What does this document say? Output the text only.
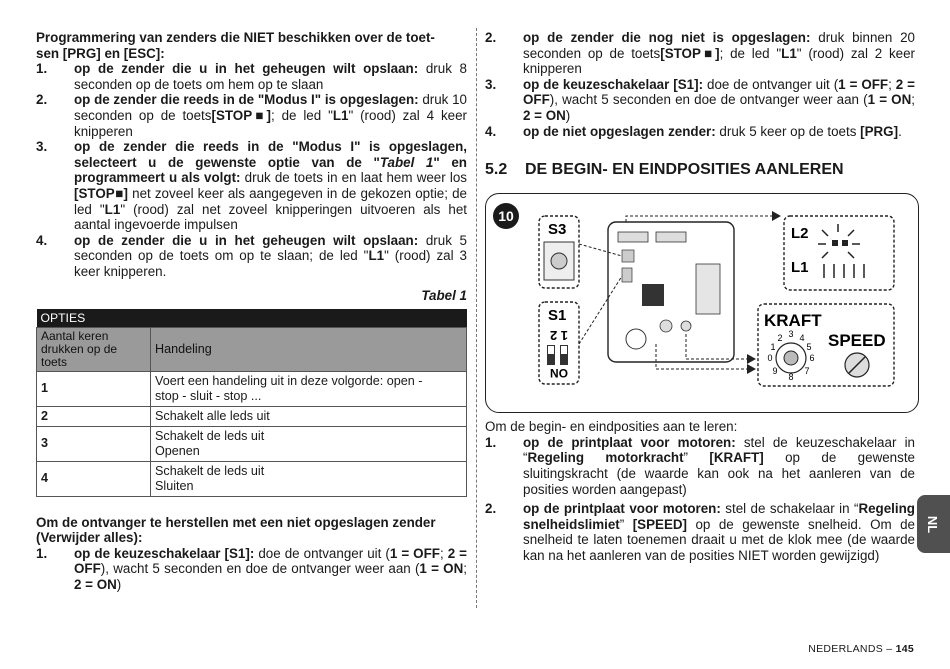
Programmering van zenders die NIET beschikken over de toet-
sen [PRG] en [ESC]:

1. op de zender die u in het geheugen wilt opslaan: druk 8 seconden op de toets om hem op te slaan
2. op de zender die reeds in de "Modus I" is opgeslagen: druk 10 seconden op de toets[STOP■]; de led "L1" (rood) zal 4 keer knipperen
3. op de zender die reeds in de "Modus I" is opgeslagen, selecteert u de gewenste optie van de "Tabel 1" en programmeert u als volgt: druk de toets in en laat hem weer los [STOP■] net zoveel keer als aangegeven in de gekozen optie; de led "L1" (rood) zal net zoveel knipperingen uitvoeren als het aantal ingevoerde impulsen
4. op de zender die u in het geheugen wilt opslaan: druk 5 seconden op de toets om op te slaan; de led "L1" (rood) zal 3 keer knipperen.
Tabel 1
OPTIES	
Aantal keren drukken op de toets	Handeling
1	Voert een handeling uit in deze volgorde: open -
stop - sluit - stop ...
2	Schakelt alle leds uit
3	Schakelt de leds uit
Openen
4	Schakelt de leds uit
Sluiten

Om de ontvanger te herstellen met een niet opgeslagen zender (Verwijder alles):

1. op de keuzeschakelaar [S1]: doe de ontvanger uit (1 = OFF; 2 = OFF), wacht 5 seconden en doe de ontvanger weer aan (1 = ON; 2 = ON)
2. op de zender die nog niet is opgeslagen: druk binnen 20 seconden op de toets[STOP■]; de led "L1" (rood) zal 2 keer knipperen
3. op de keuzeschakelaar [S1]: doe de ontvanger uit (1 = OFF; 2 = OFF), wacht 5 seconden en doe de ontvanger weer aan (1 = ON; 2 = ON)
4. op de niet opgeslagen zender: druk 5 keer op de toets [PRG].
5.2 DE BEGIN- EN EINDPOSITIES AANLEREN
10
S3
S1
1 2
ON
L2
L1
KRAFT
SPEED
3
2 4
1	5
0	6
9	7
8

Om de begin- en eindposities aan te leren:

1. op de printplaat voor motoren: stel de keuzeschakelaar in “Regeling motorkracht” [KRAFT] op de gewenste sluitingskracht (de waarde kan ook na het aanleren van de posities worden aangepast)
2. op de printplaat voor motoren: stel de schakelaar in “Regeling snelheidslimiet” [SPEED] op de gewenste snelheid. Om de snelheid te laten toenemen draait u met de klok mee (de waarde kan na het aanleren van de posities NIET worden gewijzigd)
NL
NEDERLANDS – 145
